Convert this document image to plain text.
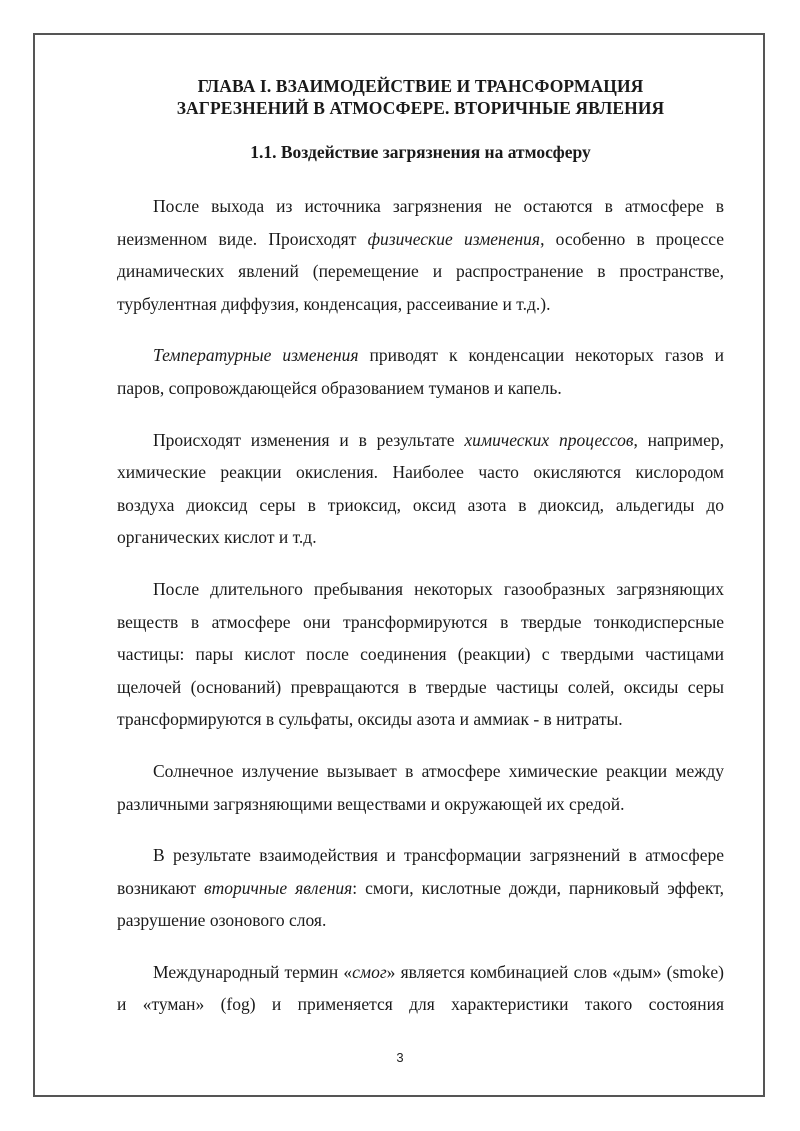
ГЛАВА I. ВЗАИМОДЕЙСТВИЕ И ТРАНСФОРМАЦИЯ
ЗАГРЕЗНЕНИЙ В АТМОСФЕРЕ. ВТОРИЧНЫЕ ЯВЛЕНИЯ
1.1. Воздействие загрязнения на атмосферу

После выхода из источника загрязнения не остаются в атмосфере в неизменном виде. Происходят физические изменения, особенно в процессе динамических явлений (перемещение и распространение в пространстве, турбулентная диффузия, конденсация, рассеивание и т.д.).

Температурные изменения приводят к конденсации некоторых газов и паров, сопровождающейся образованием туманов и капель.

Происходят изменения и в результате химических процессов, например, химические реакции окисления. Наиболее часто окисляются кислородом воздуха диоксид серы в триоксид, оксид азота в диоксид, альдегиды до органических кислот и т.д.

После длительного пребывания некоторых газообразных загрязняющих веществ в атмосфере они трансформируются в твердые тонкодисперсные частицы: пары кислот после соединения (реакции) с твердыми частицами щелочей (оснований) превращаются в твердые частицы солей, оксиды серы трансформируются в сульфаты, оксиды азота и аммиак - в нитраты.

Солнечное излучение вызывает в атмосфере химические реакции между различными загрязняющими веществами и окружающей их средой.

В результате взаимодействия и трансформации загрязнений в атмосфере возникают вторичные явления: смоги, кислотные дожди, парниковый эффект, разрушение озонового слоя.

Международный термин «смог» является комбинацией слов «дым» (smoke) и «туман» (fog) и применяется для характеристики такого состояния

3
